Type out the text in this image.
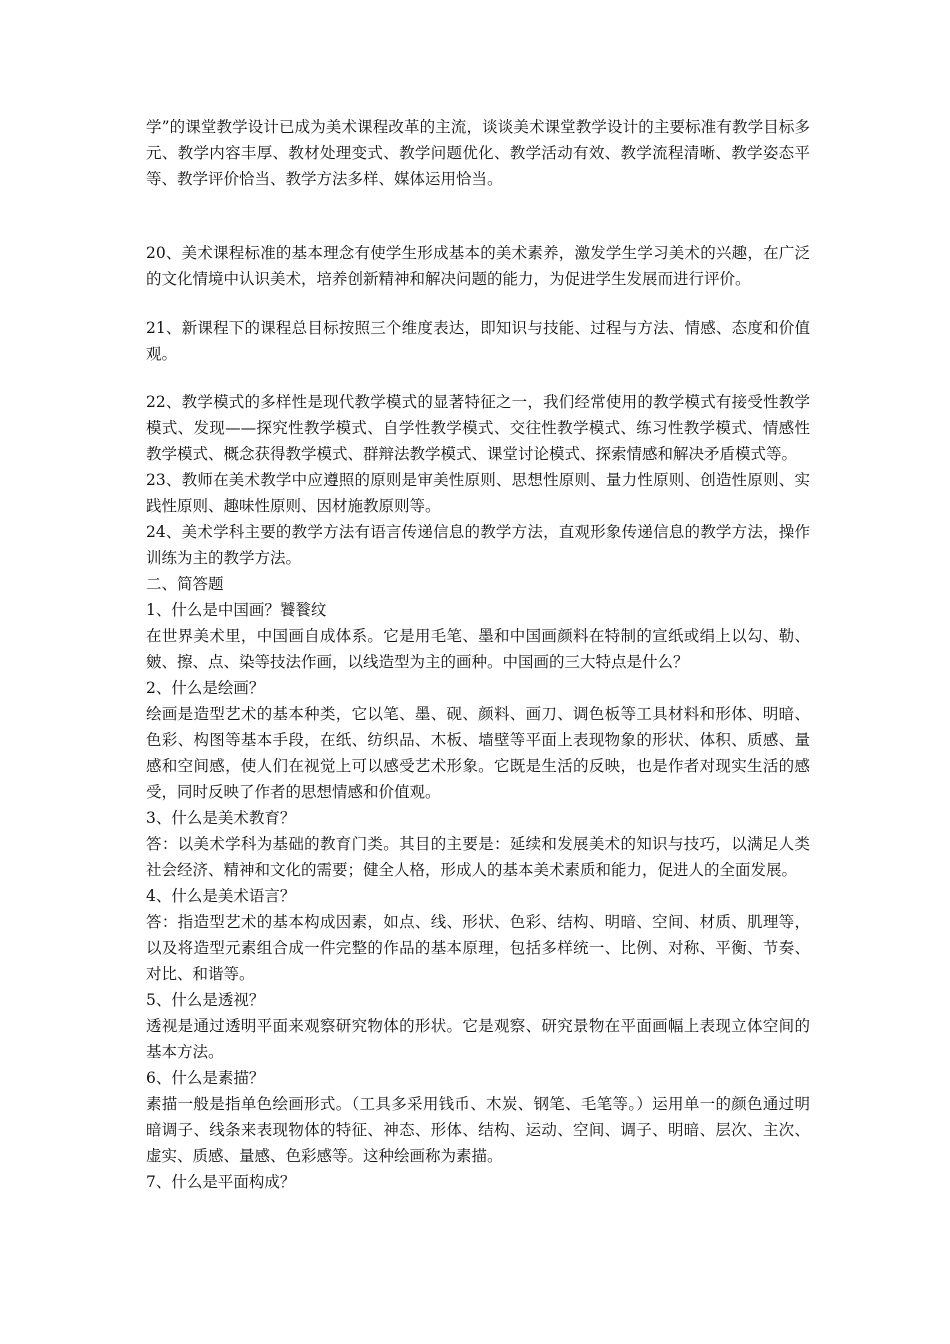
学”的课堂教学设计已成为美术课程改革的主流，谈谈美术课堂教学设计的主要标准有教学目标多元、教学内容丰厚、教材处理变式、教学问题优化、教学活动有效、教学流程清晰、教学姿态平等、教学评价恰当、教学方法多样、媒体运用恰当。

20、美术课程标准的基本理念有使学生形成基本的美术素养，激发学生学习美术的兴趣，在广泛的文化情境中认识美术，培养创新精神和解决问题的能力，为促进学生发展而进行评价。

21、新课程下的课程总目标按照三个维度表达，即知识与技能、过程与方法、情感、态度和价值观。

22、教学模式的多样性是现代教学模式的显著特征之一，我们经常使用的教学模式有接受性教学模式、发现——探究性教学模式、自学性教学模式、交往性教学模式、练习性教学模式、情感性教学模式、概念获得教学模式、群辩法教学模式、课堂讨论模式、探索情感和解决矛盾模式等。

23、教师在美术教学中应遵照的原则是审美性原则、思想性原则、量力性原则、创造性原则、实践性原则、趣味性原则、因材施教原则等。

24、美术学科主要的教学方法有语言传递信息的教学方法，直观形象传递信息的教学方法，操作训练为主的教学方法。

二、简答题

1、什么是中国画？饕餮纹

在世界美术里，中国画自成体系。它是用毛笔、墨和中国画颜料在特制的宣纸或绢上以勾、勒、皴、擦、点、染等技法作画，以线造型为主的画种。中国画的三大特点是什么？

2、什么是绘画？

绘画是造型艺术的基本种类，它以笔、墨、砚、颜料、画刀、调色板等工具材料和形体、明暗、色彩、构图等基本手段，在纸、纺织品、木板、墙壁等平面上表现物象的形状、体积、质感、量感和空间感，使人们在视觉上可以感受艺术形象。它既是生活的反映，也是作者对现实生活的感受，同时反映了作者的思想情感和价值观。

3、什么是美术教育？

答：以美术学科为基础的教育门类。其目的主要是：延续和发展美术的知识与技巧，以满足人类社会经济、精神和文化的需要；健全人格，形成人的基本美术素质和能力，促进人的全面发展。

4、什么是美术语言？

答：指造型艺术的基本构成因素，如点、线、形状、色彩、结构、明暗、空间、材质、肌理等，以及将造型元素组合成一件完整的作品的基本原理，包括多样统一、比例、对称、平衡、节奏、对比、和谐等。

5、什么是透视？

透视是通过透明平面来观察研究物体的形状。它是观察、研究景物在平面画幅上表现立体空间的基本方法。

6、什么是素描？

素描一般是指单色绘画形式。（工具多采用钱币、木炭、钢笔、毛笔等。）运用单一的颜色通过明暗调子、线条来表现物体的特征、神态、形体、结构、运动、空间、调子、明暗、层次、主次、虚实、质感、量感、色彩感等。这种绘画称为素描。

7、什么是平面构成？
